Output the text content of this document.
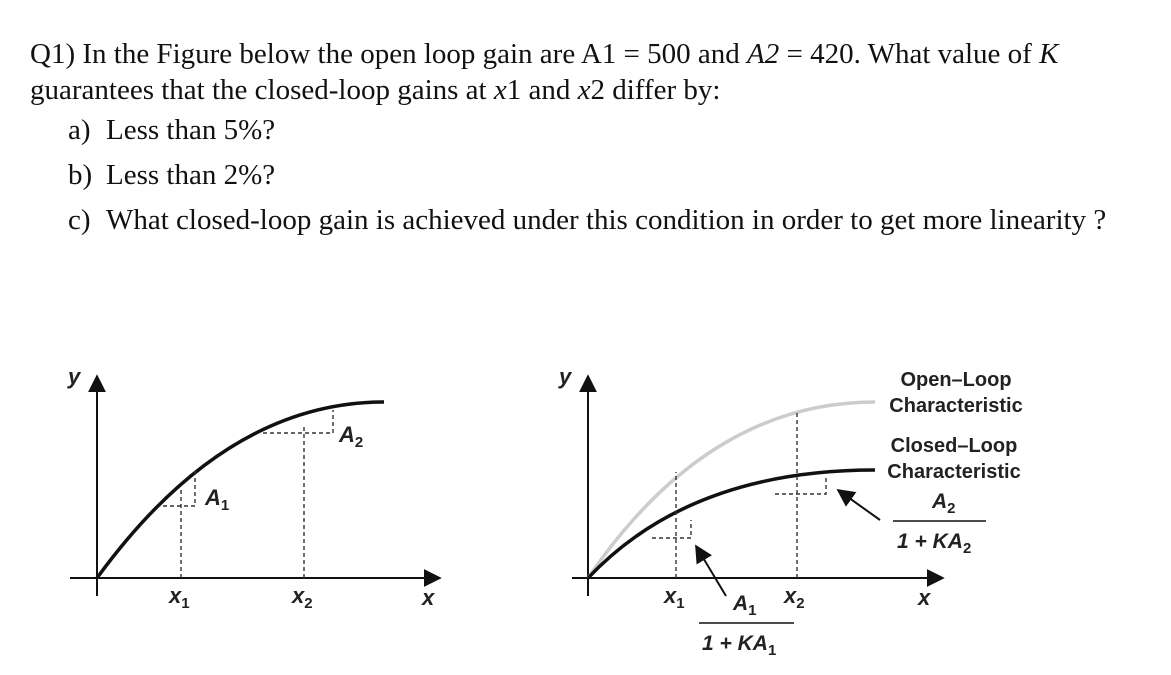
Q1) In the Figure below the open loop gain are A1 = 500 and A2 = 420. What value of K guarantees that the closed-loop gains at x1 and x2 differ by:

a) Less than 5%?
b) Less than 2%?
c) What closed-loop gain is achieved under this condition in order to get more linearity ?
y
x
$x_1$	$x_2$
$A_1$
$A_2$
y
x
$x_1$	$x_2$
Open–Loop
Characteristic
Closed–Loop
Characteristic
$A_2$
$1 + KA_2$
$A_1$
$1 + KA_1$
